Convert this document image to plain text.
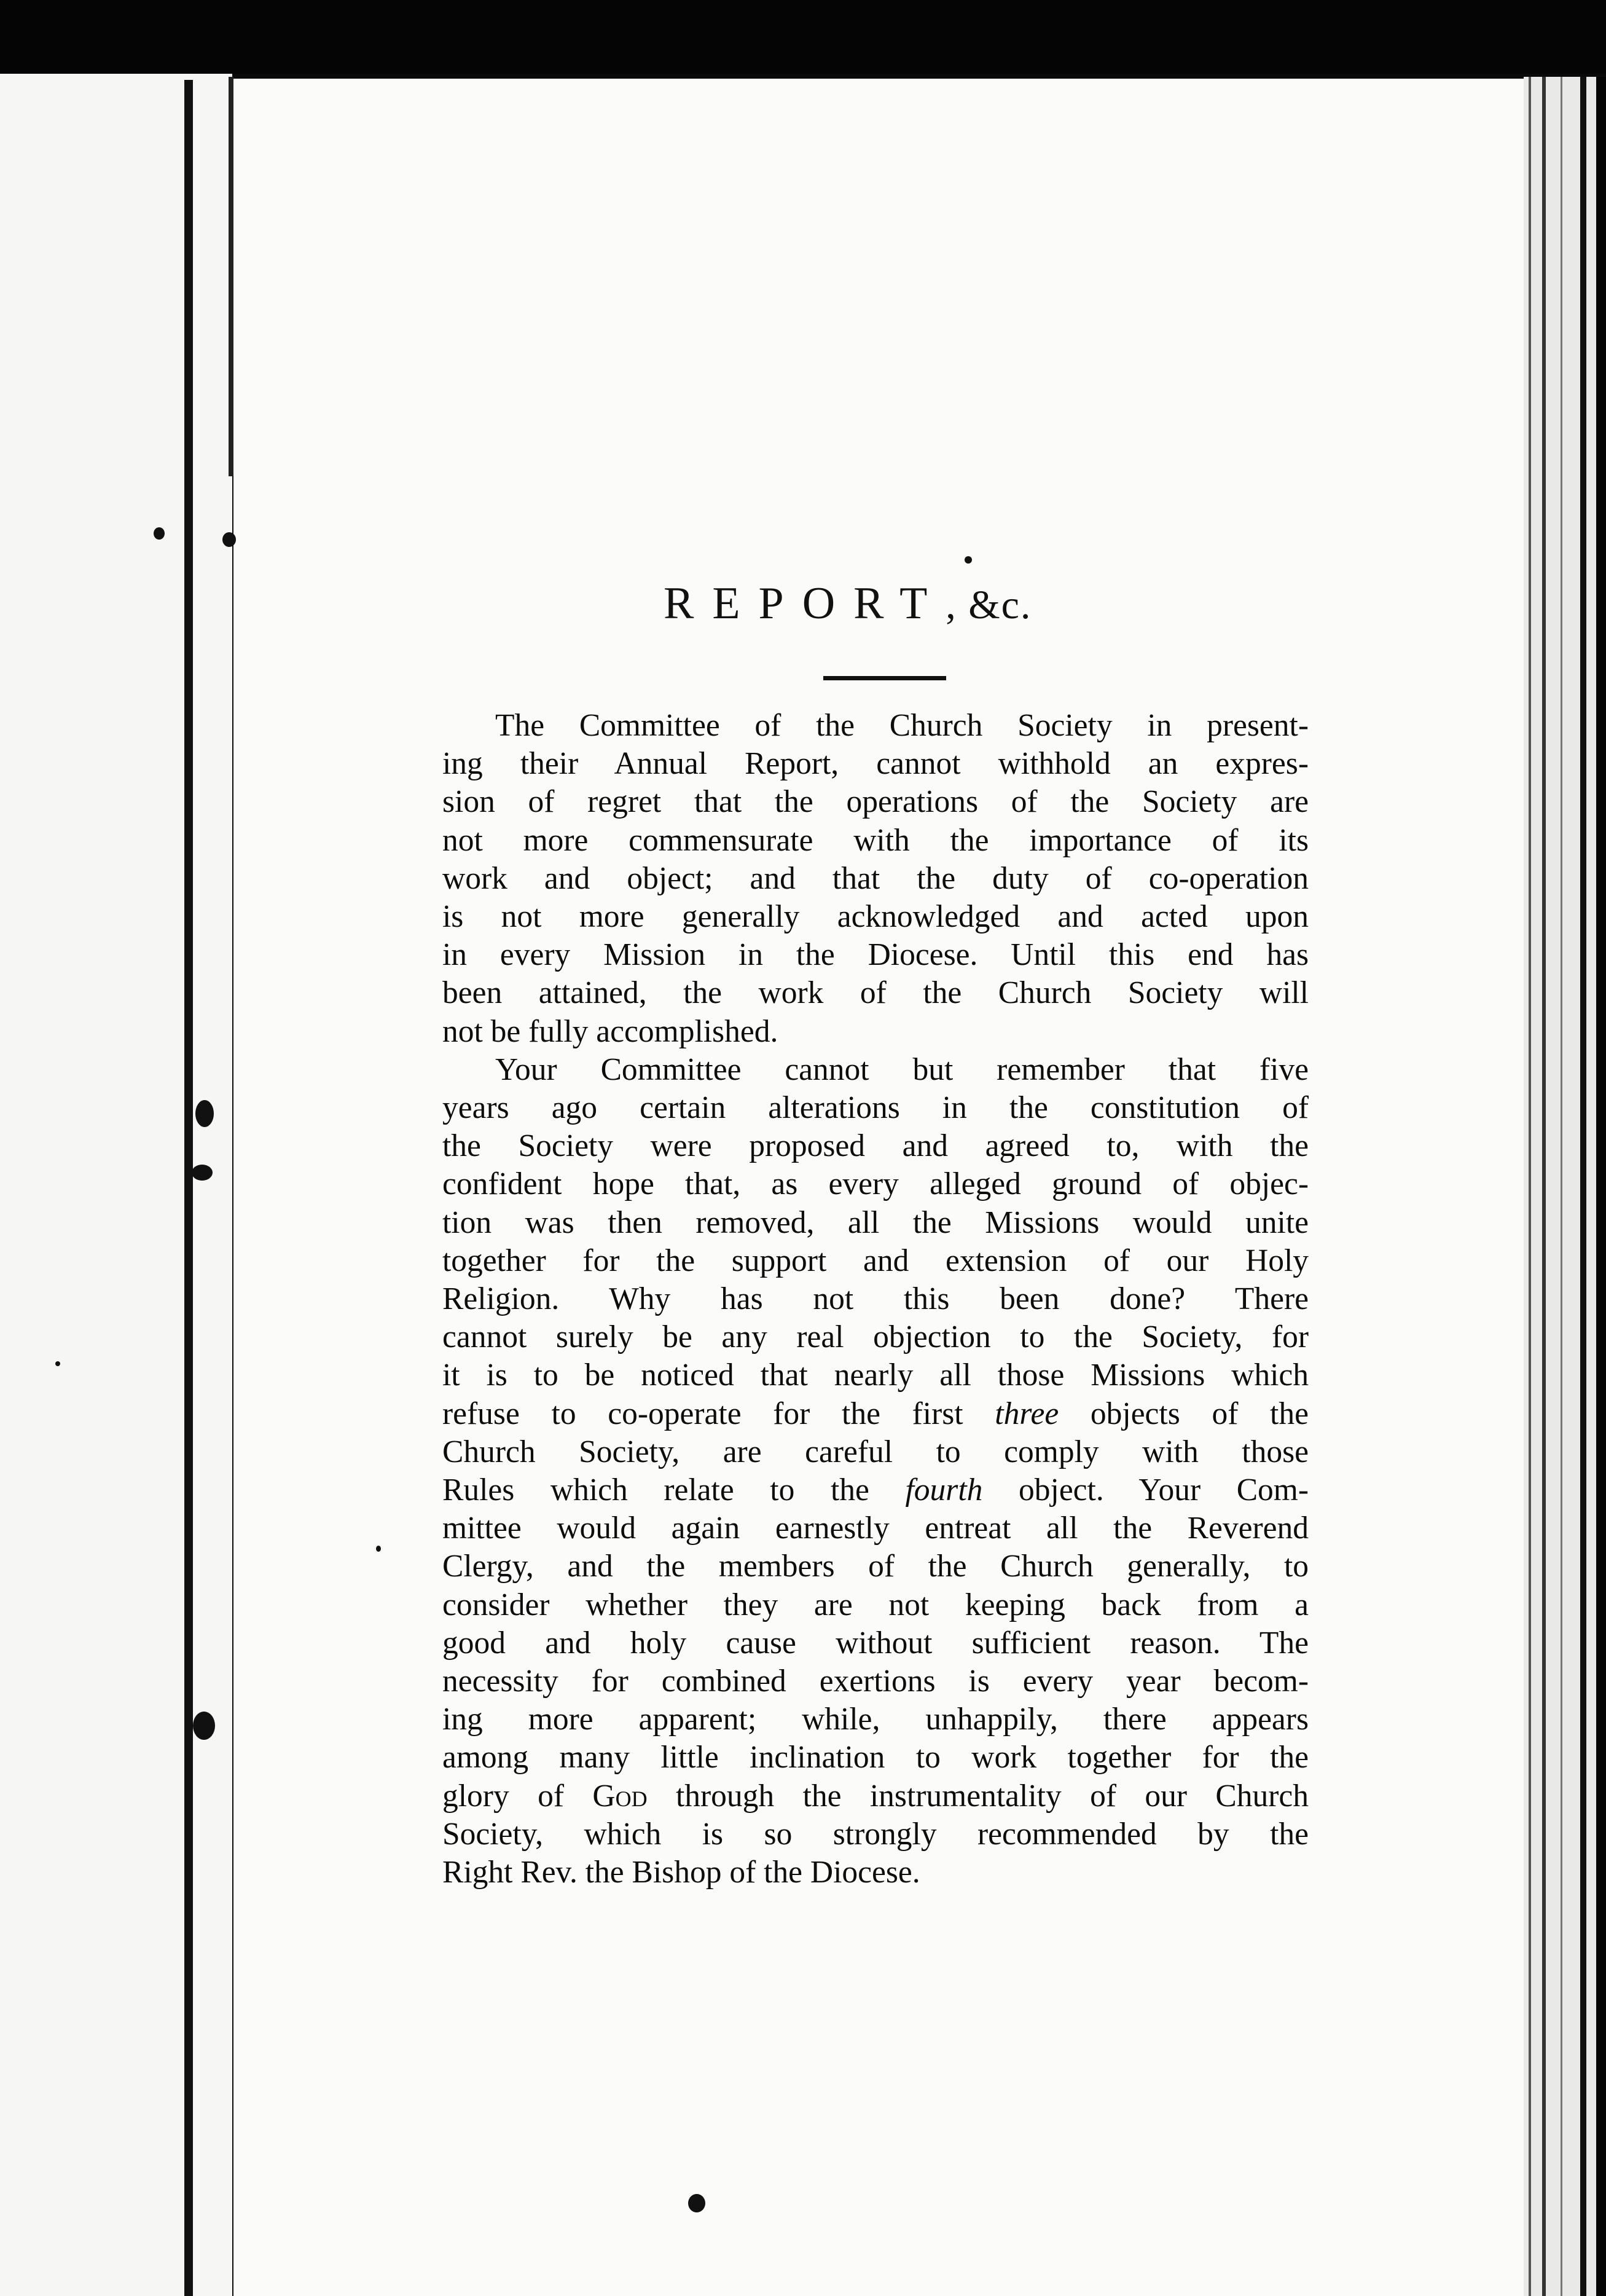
REPORT, &c.

The Committee of the Church Society in present-
ing their Annual Report, cannot withhold an expres-
sion of regret that the operations of the Society are
not more commensurate with the importance of its
work and object; and that the duty of co-operation
is not more generally acknowledged and acted upon
in every Mission in the Diocese. Until this end has
been attained, the work of the Church Society will
not be fully accomplished.

Your Committee cannot but remember that five
years ago certain alterations in the constitution of
the Society were proposed and agreed to, with the
confident hope that, as every alleged ground of objec-
tion was then removed, all the Missions would unite
together for the support and extension of our Holy
Religion. Why has not this been done? There
cannot surely be any real objection to the Society, for
it is to be noticed that nearly all those Missions which
refuse to co-operate for the first three objects of the
Church Society, are careful to comply with those
Rules which relate to the fourth object. Your Com-
mittee would again earnestly entreat all the Reverend
Clergy, and the members of the Church generally, to
consider whether they are not keeping back from a
good and holy cause without sufficient reason. The
necessity for combined exertions is every year becom-
ing more apparent; while, unhappily, there appears
among many little inclination to work together for the
glory of God through the instrumentality of our Church
Society, which is so strongly recommended by the
Right Rev. the Bishop of the Diocese.
